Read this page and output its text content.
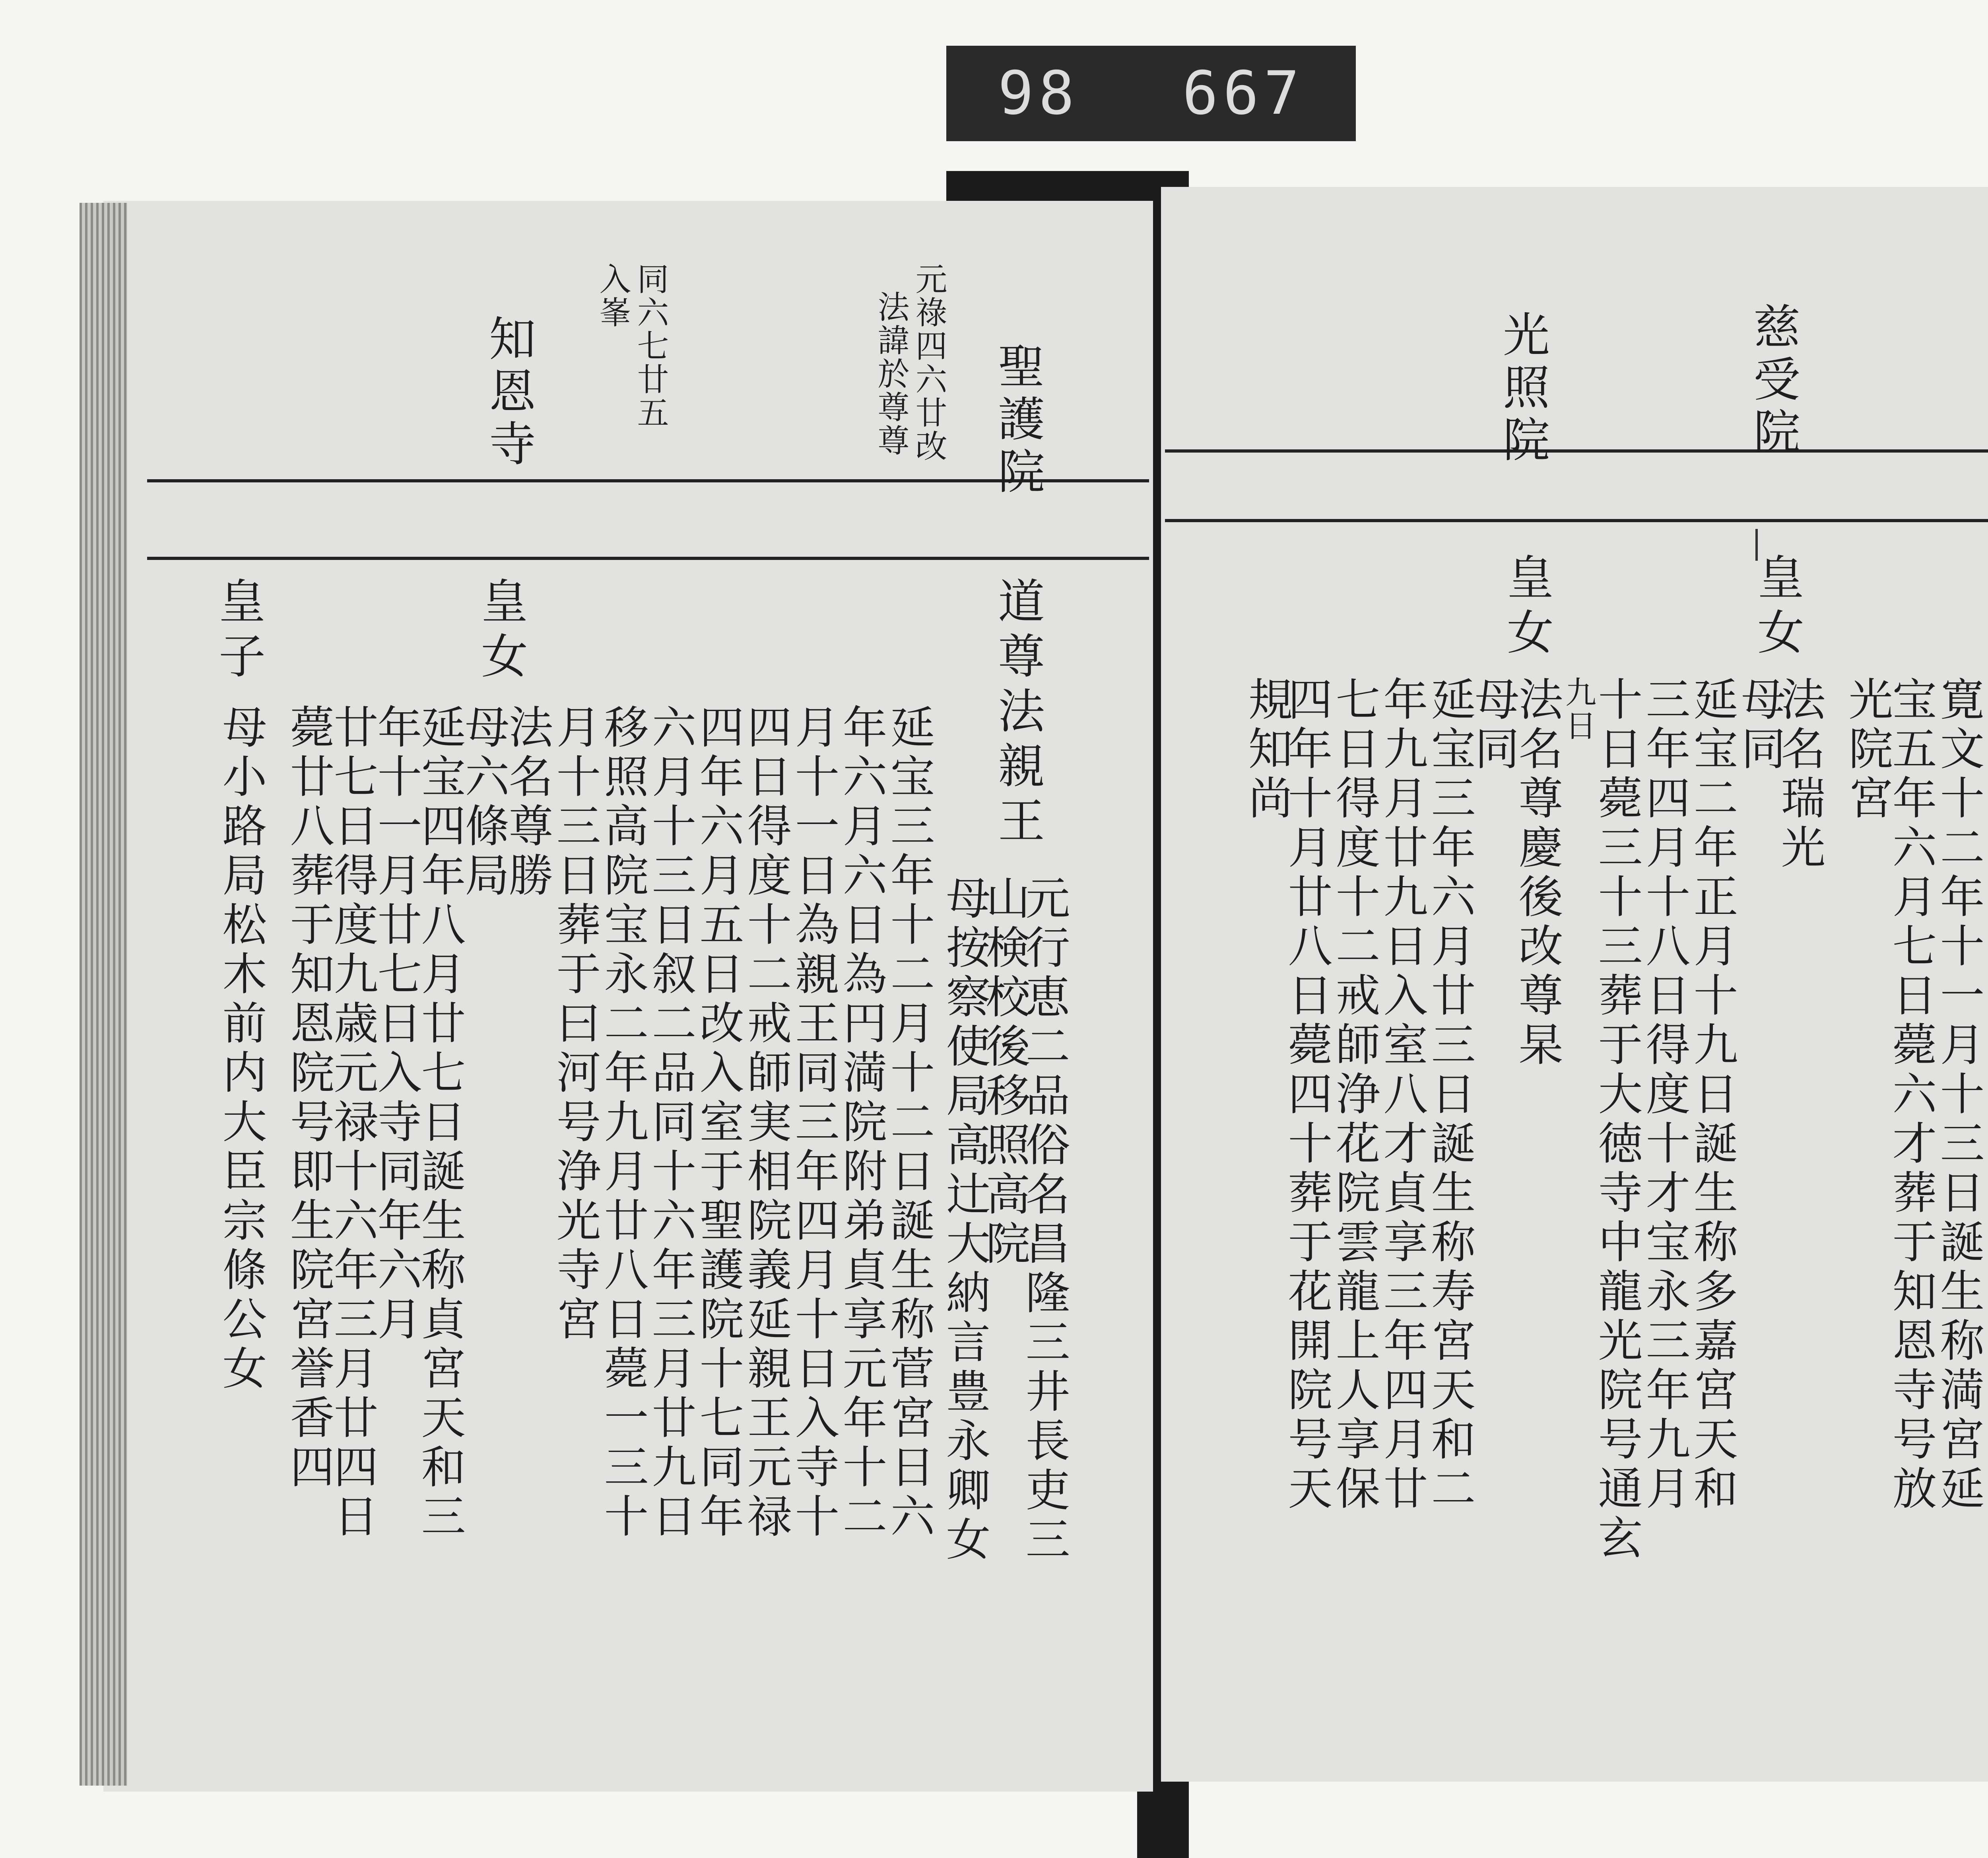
98 667
聖護院
元祿四六廿改
法諱於尊尊
同六七廿五
入峯
知恩寺
道尊法親王
元行恵二品俗名昌隆三井長吏三
山検校後移照高院
母按察使局高辻大納言豊永卿女
延宝三年十二月十二日誕生称菅宮日六
年六月六日為円満院附弟貞享元年十二
月十一日為親王同三年四月十日入寺十
四日得度十二戒師実相院義延親王元禄
四年六月五日改入室于聖護院十七同年
六月十三日叙二品同十六年三月廿九日
移照高院宝永二年九月廿八日薨一三十
月十三日葬于曰河号浄光寺宮
皇女
法名尊勝
母六條局
延宝四年八月廿七日誕生称貞宮天和三
年十一月廿七日入寺同年六月
廿七日得度九歳元禄十六年三月廿四日
薨廿八葬于知恩院号即生院宮誉香四
皇子
母小路局松木前内大臣宗條公女
慈受院
光照院
寛文十二年十一月十三日誕生称満宮延
宝五年六月七日薨六才葬于知恩寺号放
光院宮
皇女
法名瑞光
母同
延宝二年正月十九日誕生称多嘉宮天和
三年四月十八日得度十才宝永三年九月
十日薨三十三葬于大徳寺中龍光院号通玄
九日
皇女
法名尊慶後改尊杲
母同
延宝三年六月廿三日誕生称寿宮天和二
年九月廿九日入室八才貞享三年四月廿
七日得度十二戒師浄花院雲龍上人享保
四年十月廿八日薨四十葬于花開院号天
規知尚
